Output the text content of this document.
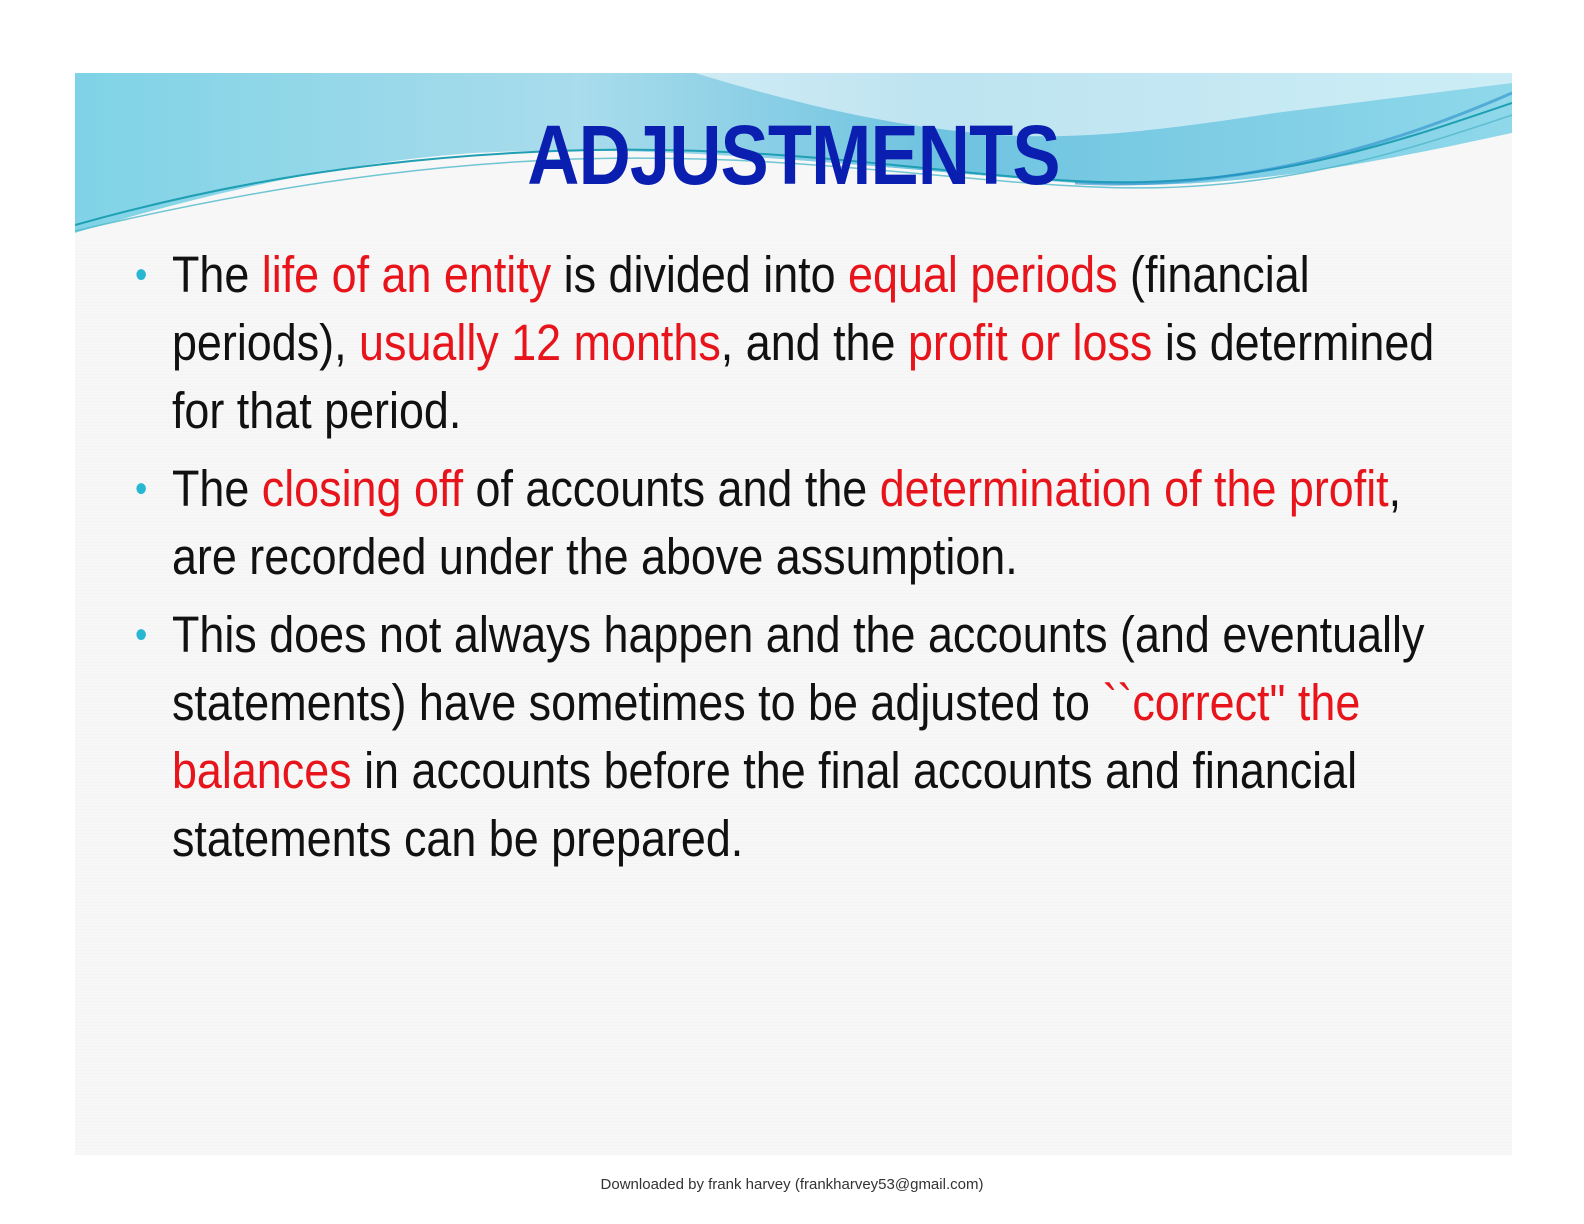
ADJUSTMENTS
• The life of an entity is divided into equal periods (financial periods), usually 12 months, and the profit or loss is determined for that period.
• The closing off of accounts and the determination of the profit, are recorded under the above assumption.
• This does not always happen and the accounts (and eventually statements) have sometimes to be adjusted to ``correct" the balances in accounts before the final accounts and financial statements can be prepared.
Downloaded by frank harvey (frankharvey53@gmail.com)
